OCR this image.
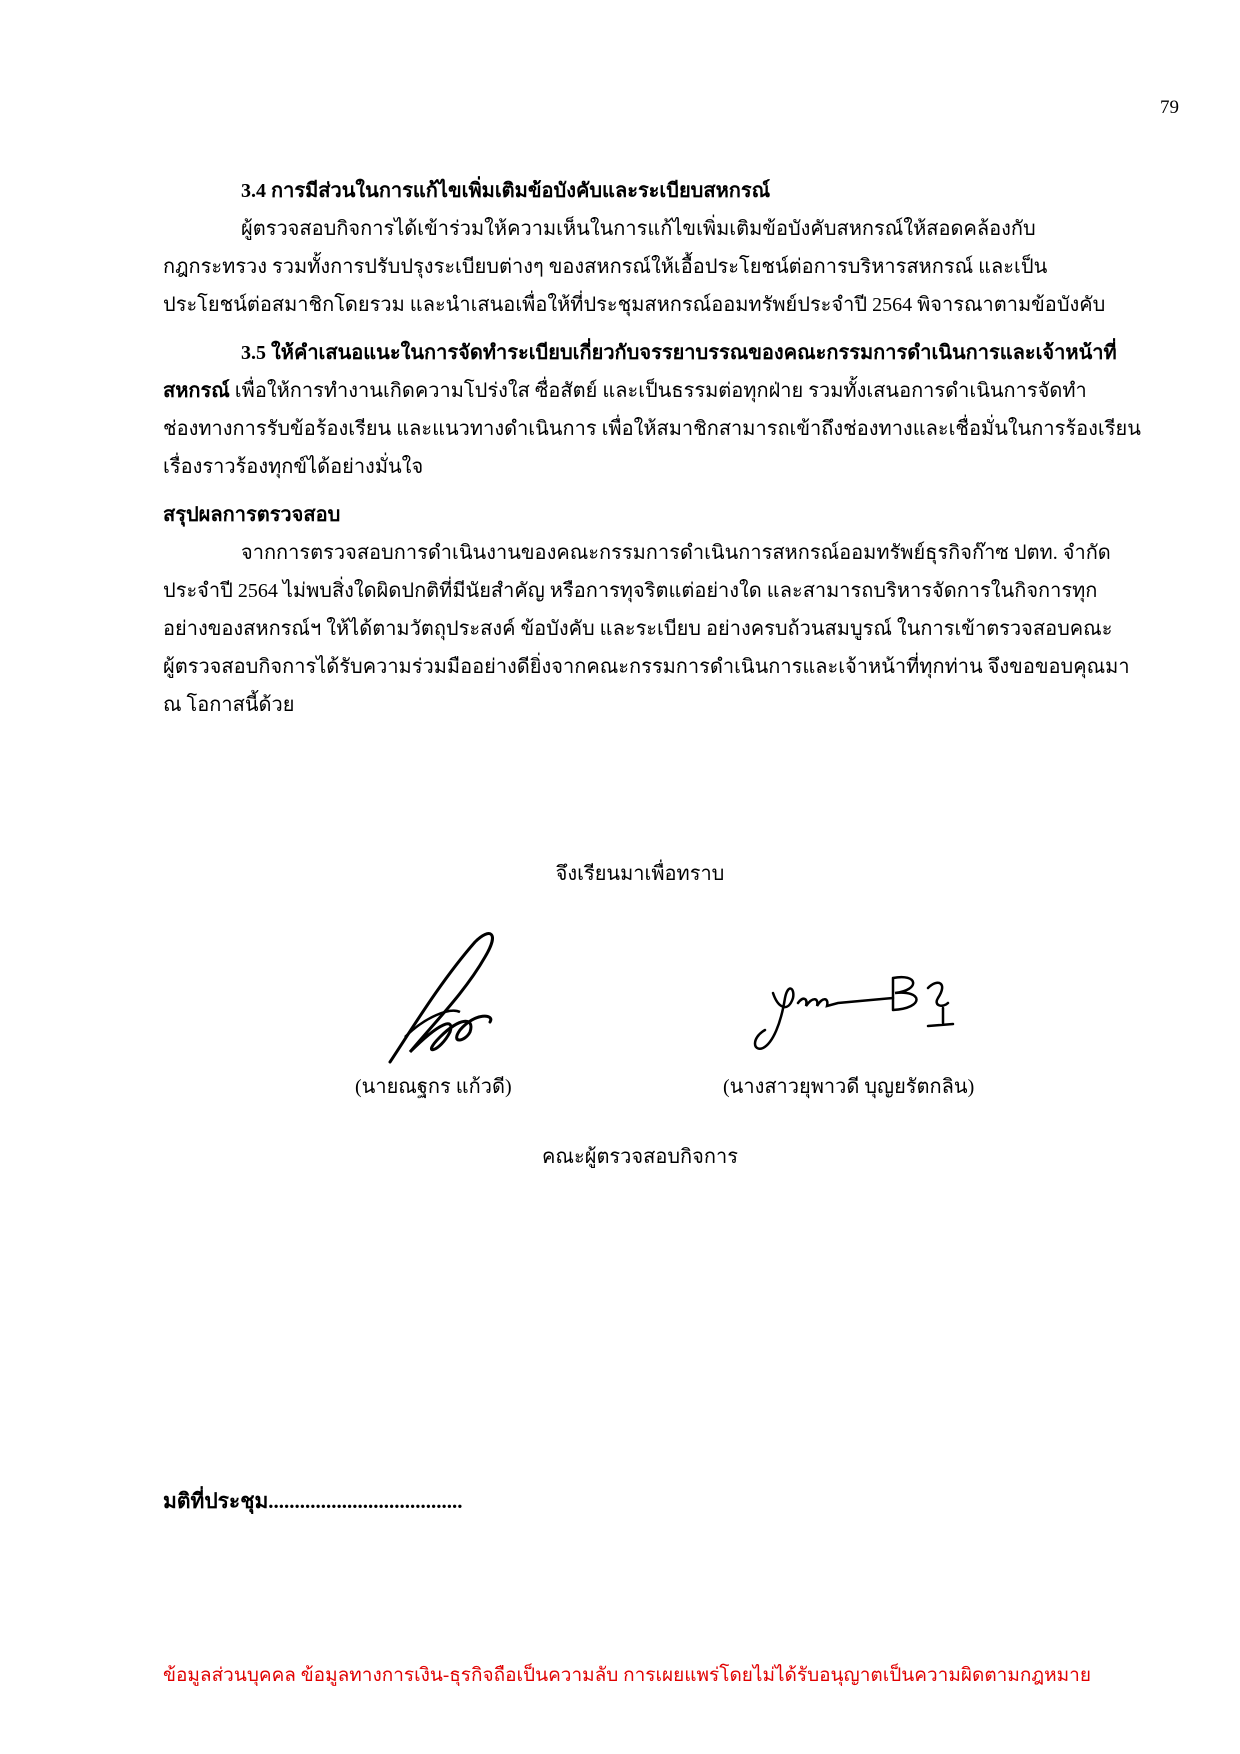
79

3.4 การมีส่วนในการแก้ไขเพิ่มเติมข้อบังคับและระเบียบสหกรณ์

ผู้ตรวจสอบกิจการได้เข้าร่วมให้ความเห็นในการแก้ไขเพิ่มเติมข้อบังคับสหกรณ์ให้สอดคล้องกับ

กฎกระทรวง รวมทั้งการปรับปรุงระเบียบต่างๆ ของสหกรณ์ให้เอื้อประโยชน์ต่อการบริหารสหกรณ์ และเป็น

ประโยชน์ต่อสมาชิกโดยรวม และนำเสนอเพื่อให้ที่ประชุมสหกรณ์ออมทรัพย์ประจำปี 2564 พิจารณาตามข้อบังคับ

3.5 ให้คำเสนอแนะในการจัดทำระเบียบเกี่ยวกับจรรยาบรรณของคณะกรรมการดำเนินการและเจ้าหน้าที่

สหกรณ์ เพื่อให้การทำงานเกิดความโปร่งใส ซื่อสัตย์ และเป็นธรรมต่อทุกฝ่าย รวมทั้งเสนอการดำเนินการจัดทำ

ช่องทางการรับข้อร้องเรียน และแนวทางดำเนินการ เพื่อให้สมาชิกสามารถเข้าถึงช่องทางและเชื่อมั่นในการร้องเรียน

เรื่องราวร้องทุกข์ได้อย่างมั่นใจ

สรุปผลการตรวจสอบ

จากการตรวจสอบการดำเนินงานของคณะกรรมการดำเนินการสหกรณ์ออมทรัพย์ธุรกิจก๊าซ ปตท. จำกัด

ประจำปี 2564 ไม่พบสิ่งใดผิดปกติที่มีนัยสำคัญ หรือการทุจริตแต่อย่างใด และสามารถบริหารจัดการในกิจการทุก

อย่างของสหกรณ์ฯ ให้ได้ตามวัตถุประสงค์ ข้อบังคับ และระเบียบ อย่างครบถ้วนสมบูรณ์ ในการเข้าตรวจสอบคณะ

ผู้ตรวจสอบกิจการได้รับความร่วมมืออย่างดียิ่งจากคณะกรรมการดำเนินการและเจ้าหน้าที่ทุกท่าน จึงขอขอบคุณมา

ณ โอกาสนี้ด้วย

จึงเรียนมาเพื่อทราบ
(นายณฐกร แก้วดี)	(นางสาวยุพาวดี บุญยรัตกลิน)
คณะผู้ตรวจสอบกิจการ
มติที่ประชุม.....................................
ข้อมูลส่วนบุคคล ข้อมูลทางการเงิน-ธุรกิจถือเป็นความลับ การเผยแพร่โดยไม่ได้รับอนุญาตเป็นความผิดตามกฎหมาย
